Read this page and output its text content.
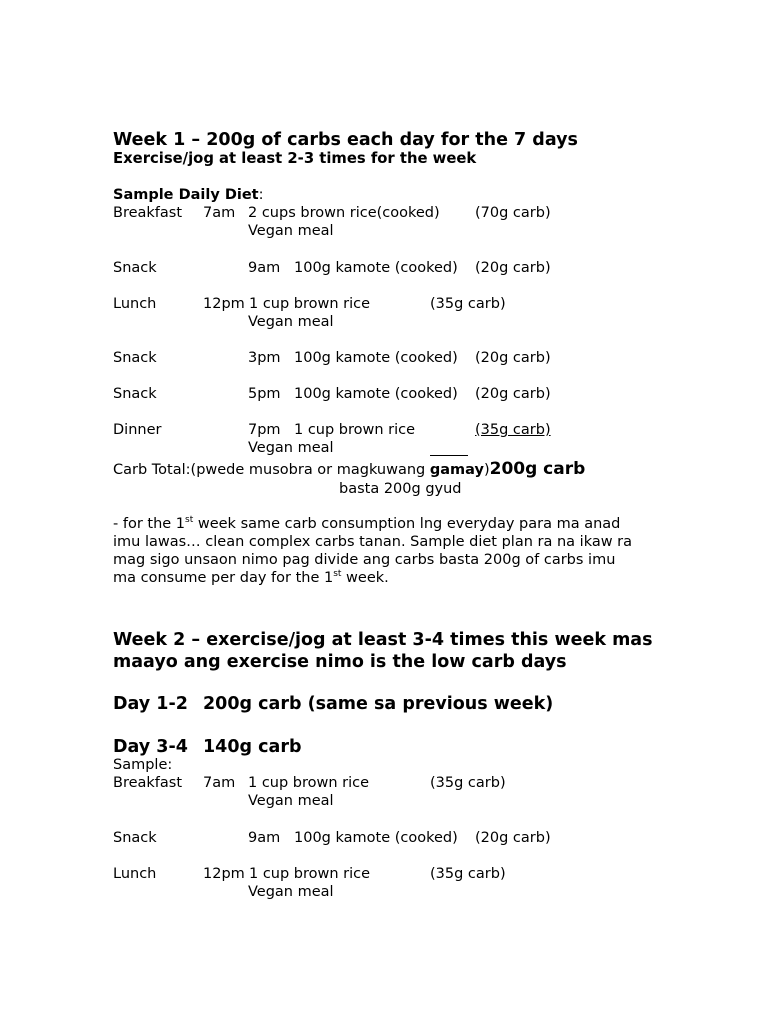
Week 1 – 200g of carbs each day for the 7 days
Exercise/jog at least 2-3 times for the week
Sample Daily Diet:
Breakfast 7am 2 cups brown rice(cooked) (70g carb)
Vegan meal
Snack	9am 100g kamote (cooked) (20g carb)
Lunch	12pm 1 cup brown rice	(35g carb)
Vegan meal
Snack	3pm 100g kamote (cooked) (20g carb)
Snack	5pm 100g kamote (cooked) (20g carb)
Dinner	7pm 1 cup brown rice	(35g carb)
Vegan meal
Carb Total:(pwede musobra or magkuwang gamay)200g carb
basta 200g gyud
- for the 1st week same carb consumption lng everyday para ma anad
imu lawas… clean complex carbs tanan. Sample diet plan ra na ikaw ra
mag sigo unsaon nimo pag divide ang carbs basta 200g of carbs imu
ma consume per day for the 1st week.
Week 2 – exercise/jog at least 3-4 times this week mas
maayo ang exercise nimo is the low carb days
Day 1-2 200g carb (same sa previous week)
Day 3-4 140g carb
Sample:
Breakfast 7am 1 cup brown rice	(35g carb)
Vegan meal
Snack	9am 100g kamote (cooked) (20g carb)
Lunch	12pm 1 cup brown rice	(35g carb)
Vegan meal
